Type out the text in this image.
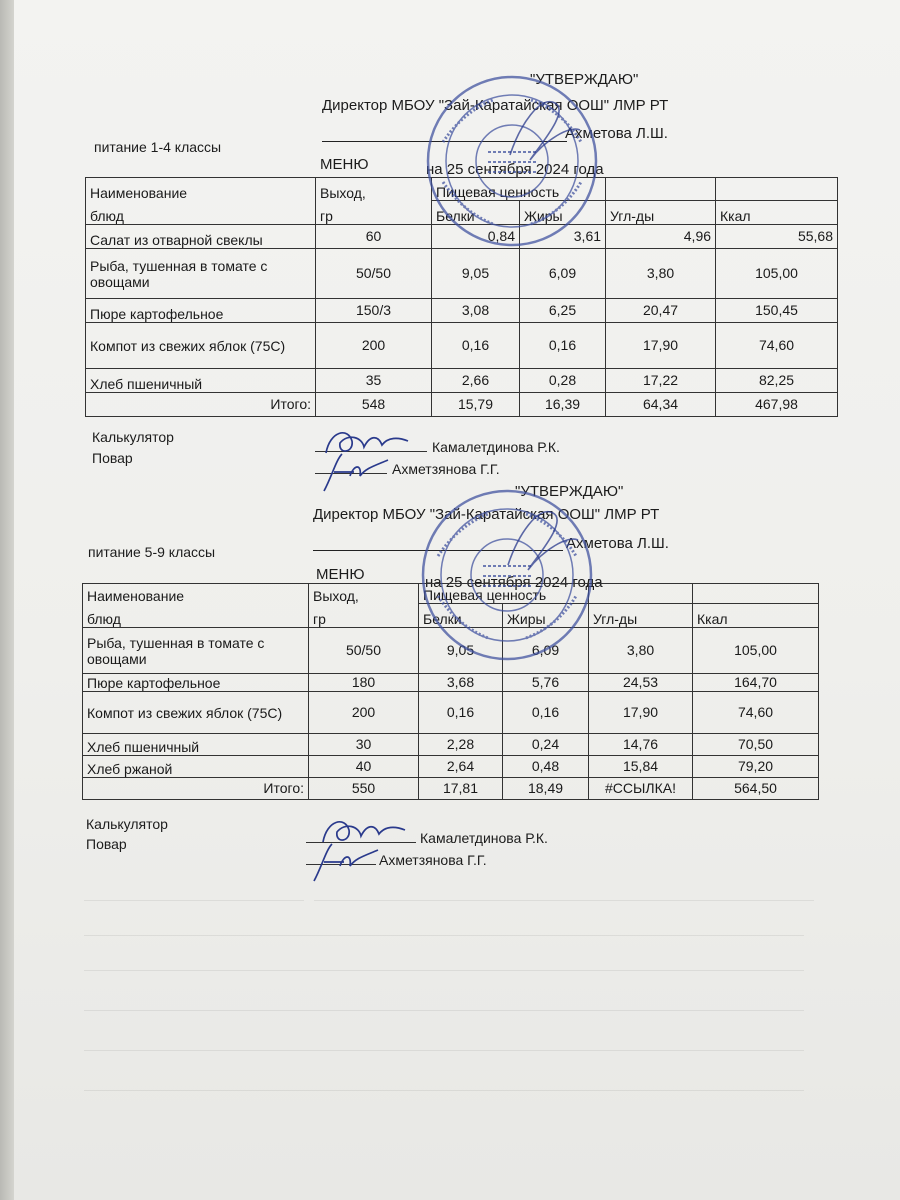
"УТВЕРЖДАЮ"
Директор МБОУ "Зай-Каратайская ООШ" ЛМР РТ
Ахметова Л.Ш.
питание 1-4 классы
МЕНЮ	на 25 сентября 2024 года
Наименование	Выход,	Пищевая ценность			
блюд	гр	Белки	Жиры	Угл-ды	Ккал
Салат из отварной свеклы	60	0,84	3,61	4,96	55,68
Рыба, тушенная в томате с овощами	50/50	9,05	6,09	3,80	105,00
Пюре картофельное	150/3	3,08	6,25	20,47	150,45
Компот из свежих яблок (75С)	200	0,16	0,16	17,90	74,60
Хлеб пшеничный	35	2,66	0,28	17,22	82,25
Итого:	548	15,79	16,39	64,34	467,98
Калькулятор
Повар
Камалетдинова Р.К.
Ахметзянова Г.Г.
"УТВЕРЖДАЮ"
Директор МБОУ "Зай-Каратайская ООШ" ЛМР РТ
Ахметова Л.Ш.
питание 5-9 классы
МЕНЮ	на 25 сентября 2024 года
Наименование	Выход,	Пищевая ценность			
блюд	гр	Белки	Жиры	Угл-ды	Ккал
Рыба, тушенная в томате с овощами	50/50	9,05	6,09	3,80	105,00
Пюре картофельное	180	3,68	5,76	24,53	164,70
Компот из свежих яблок (75С)	200	0,16	0,16	17,90	74,60
Хлеб пшеничный	30	2,28	0,24	14,76	70,50
Хлеб ржаной	40	2,64	0,48	15,84	79,20
Итого:	550	17,81	18,49	#ССЫЛКА!	564,50
Калькулятор
Повар	Камалетдинова Р.К.
Ахметзянова Г.Г.
